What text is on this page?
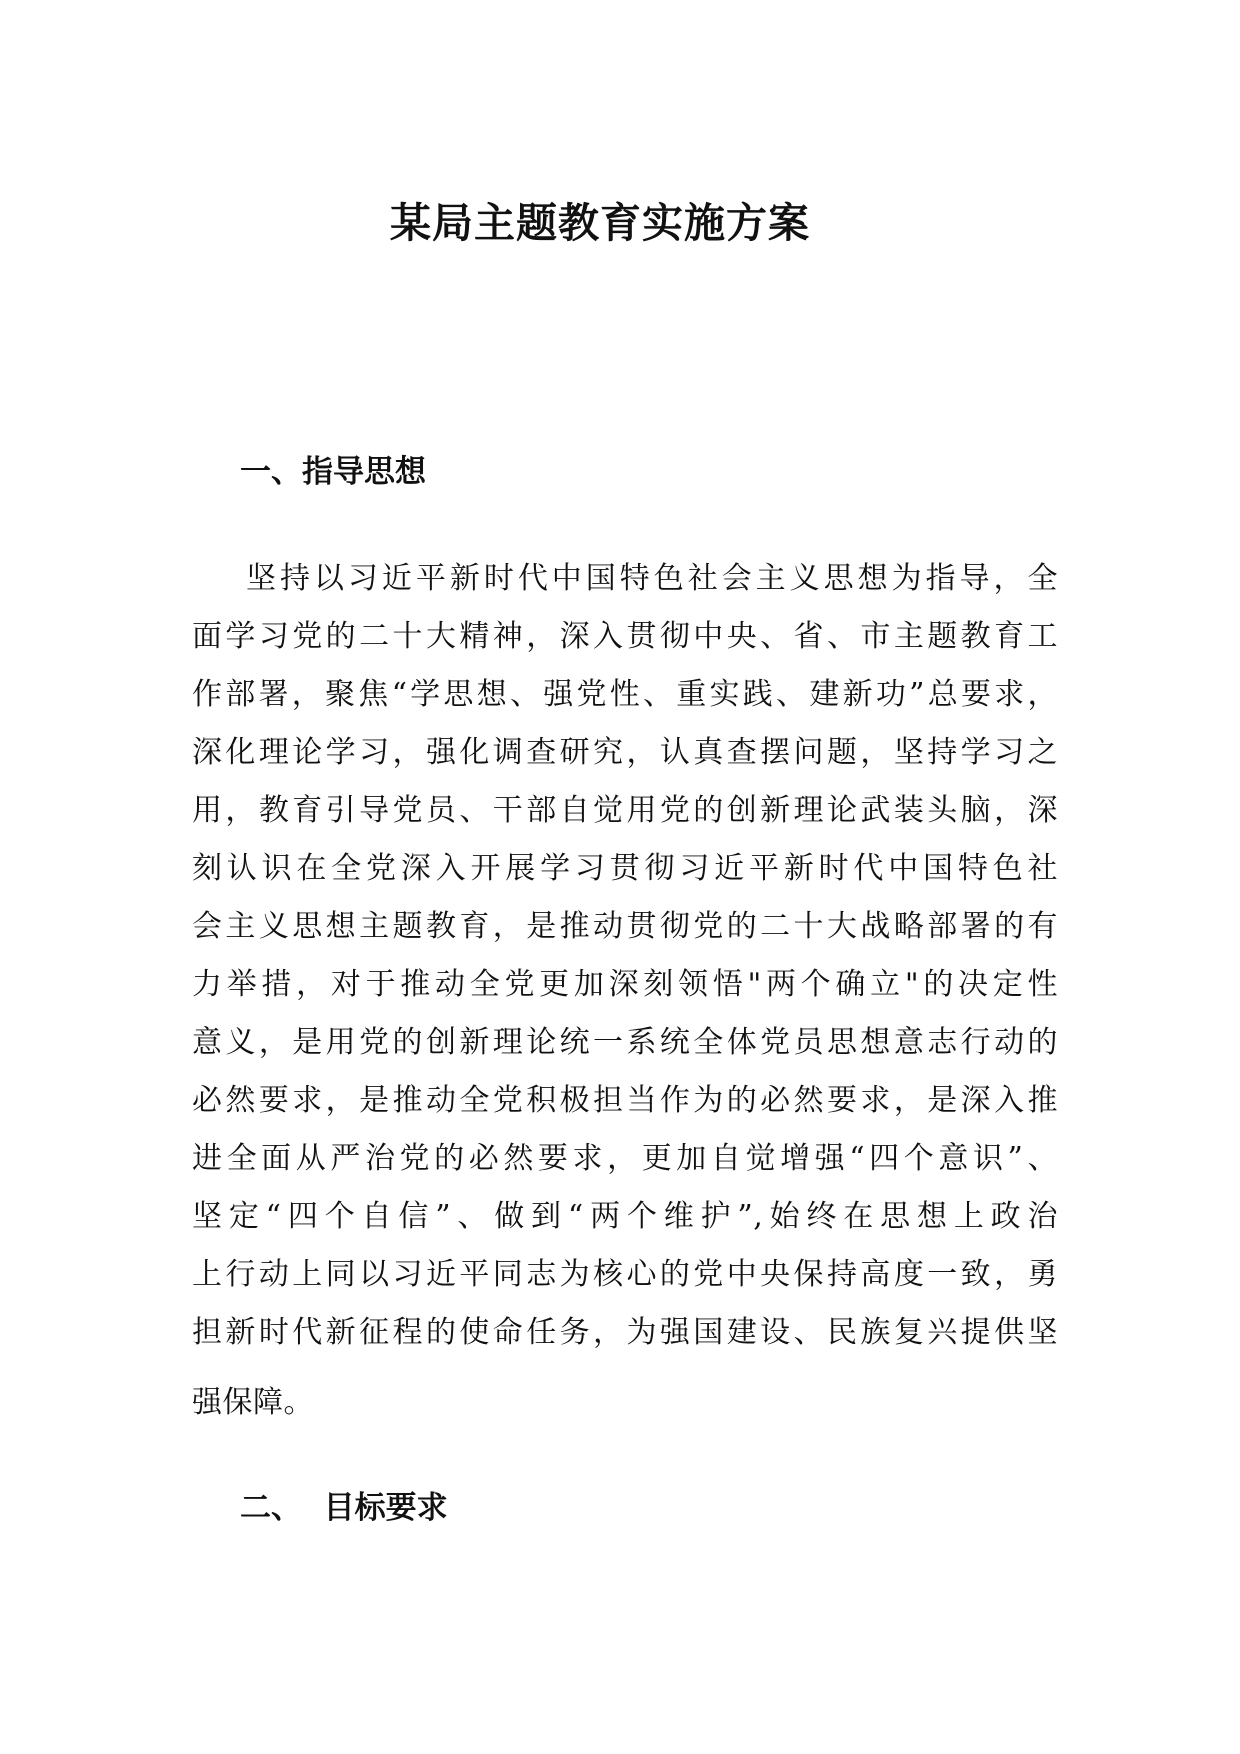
某局主题教育实施方案
一、指导思想
坚持以习近平新时代中国特色社会主义思想为指导，全
面学习党的二十大精神，深入贯彻中央、省、市主题教育工
作部署，聚焦“学思想、强党性、重实践、建新功”总要求，
深化理论学习，强化调查研究，认真查摆问题，坚持学习之
用，教育引导党员、干部自觉用党的创新理论武装头脑，深
刻认识在全党深入开展学习贯彻习近平新时代中国特色社
会主义思想主题教育，是推动贯彻党的二十大战略部署的有
力举措，对于推动全党更加深刻领悟"两个确立"的决定性
意义，是用党的创新理论统一系统全体党员思想意志行动的
必然要求，是推动全党积极担当作为的必然要求，是深入推
进全面从严治党的必然要求，更加自觉增强“四个意识”、
坚定“四个自信”、做到“两个维护”,始终在思想上政治
上行动上同以习近平同志为核心的党中央保持高度一致，勇
担新时代新征程的使命任务，为强国建设、民族复兴提供坚
强保障。
二、  目标要求
